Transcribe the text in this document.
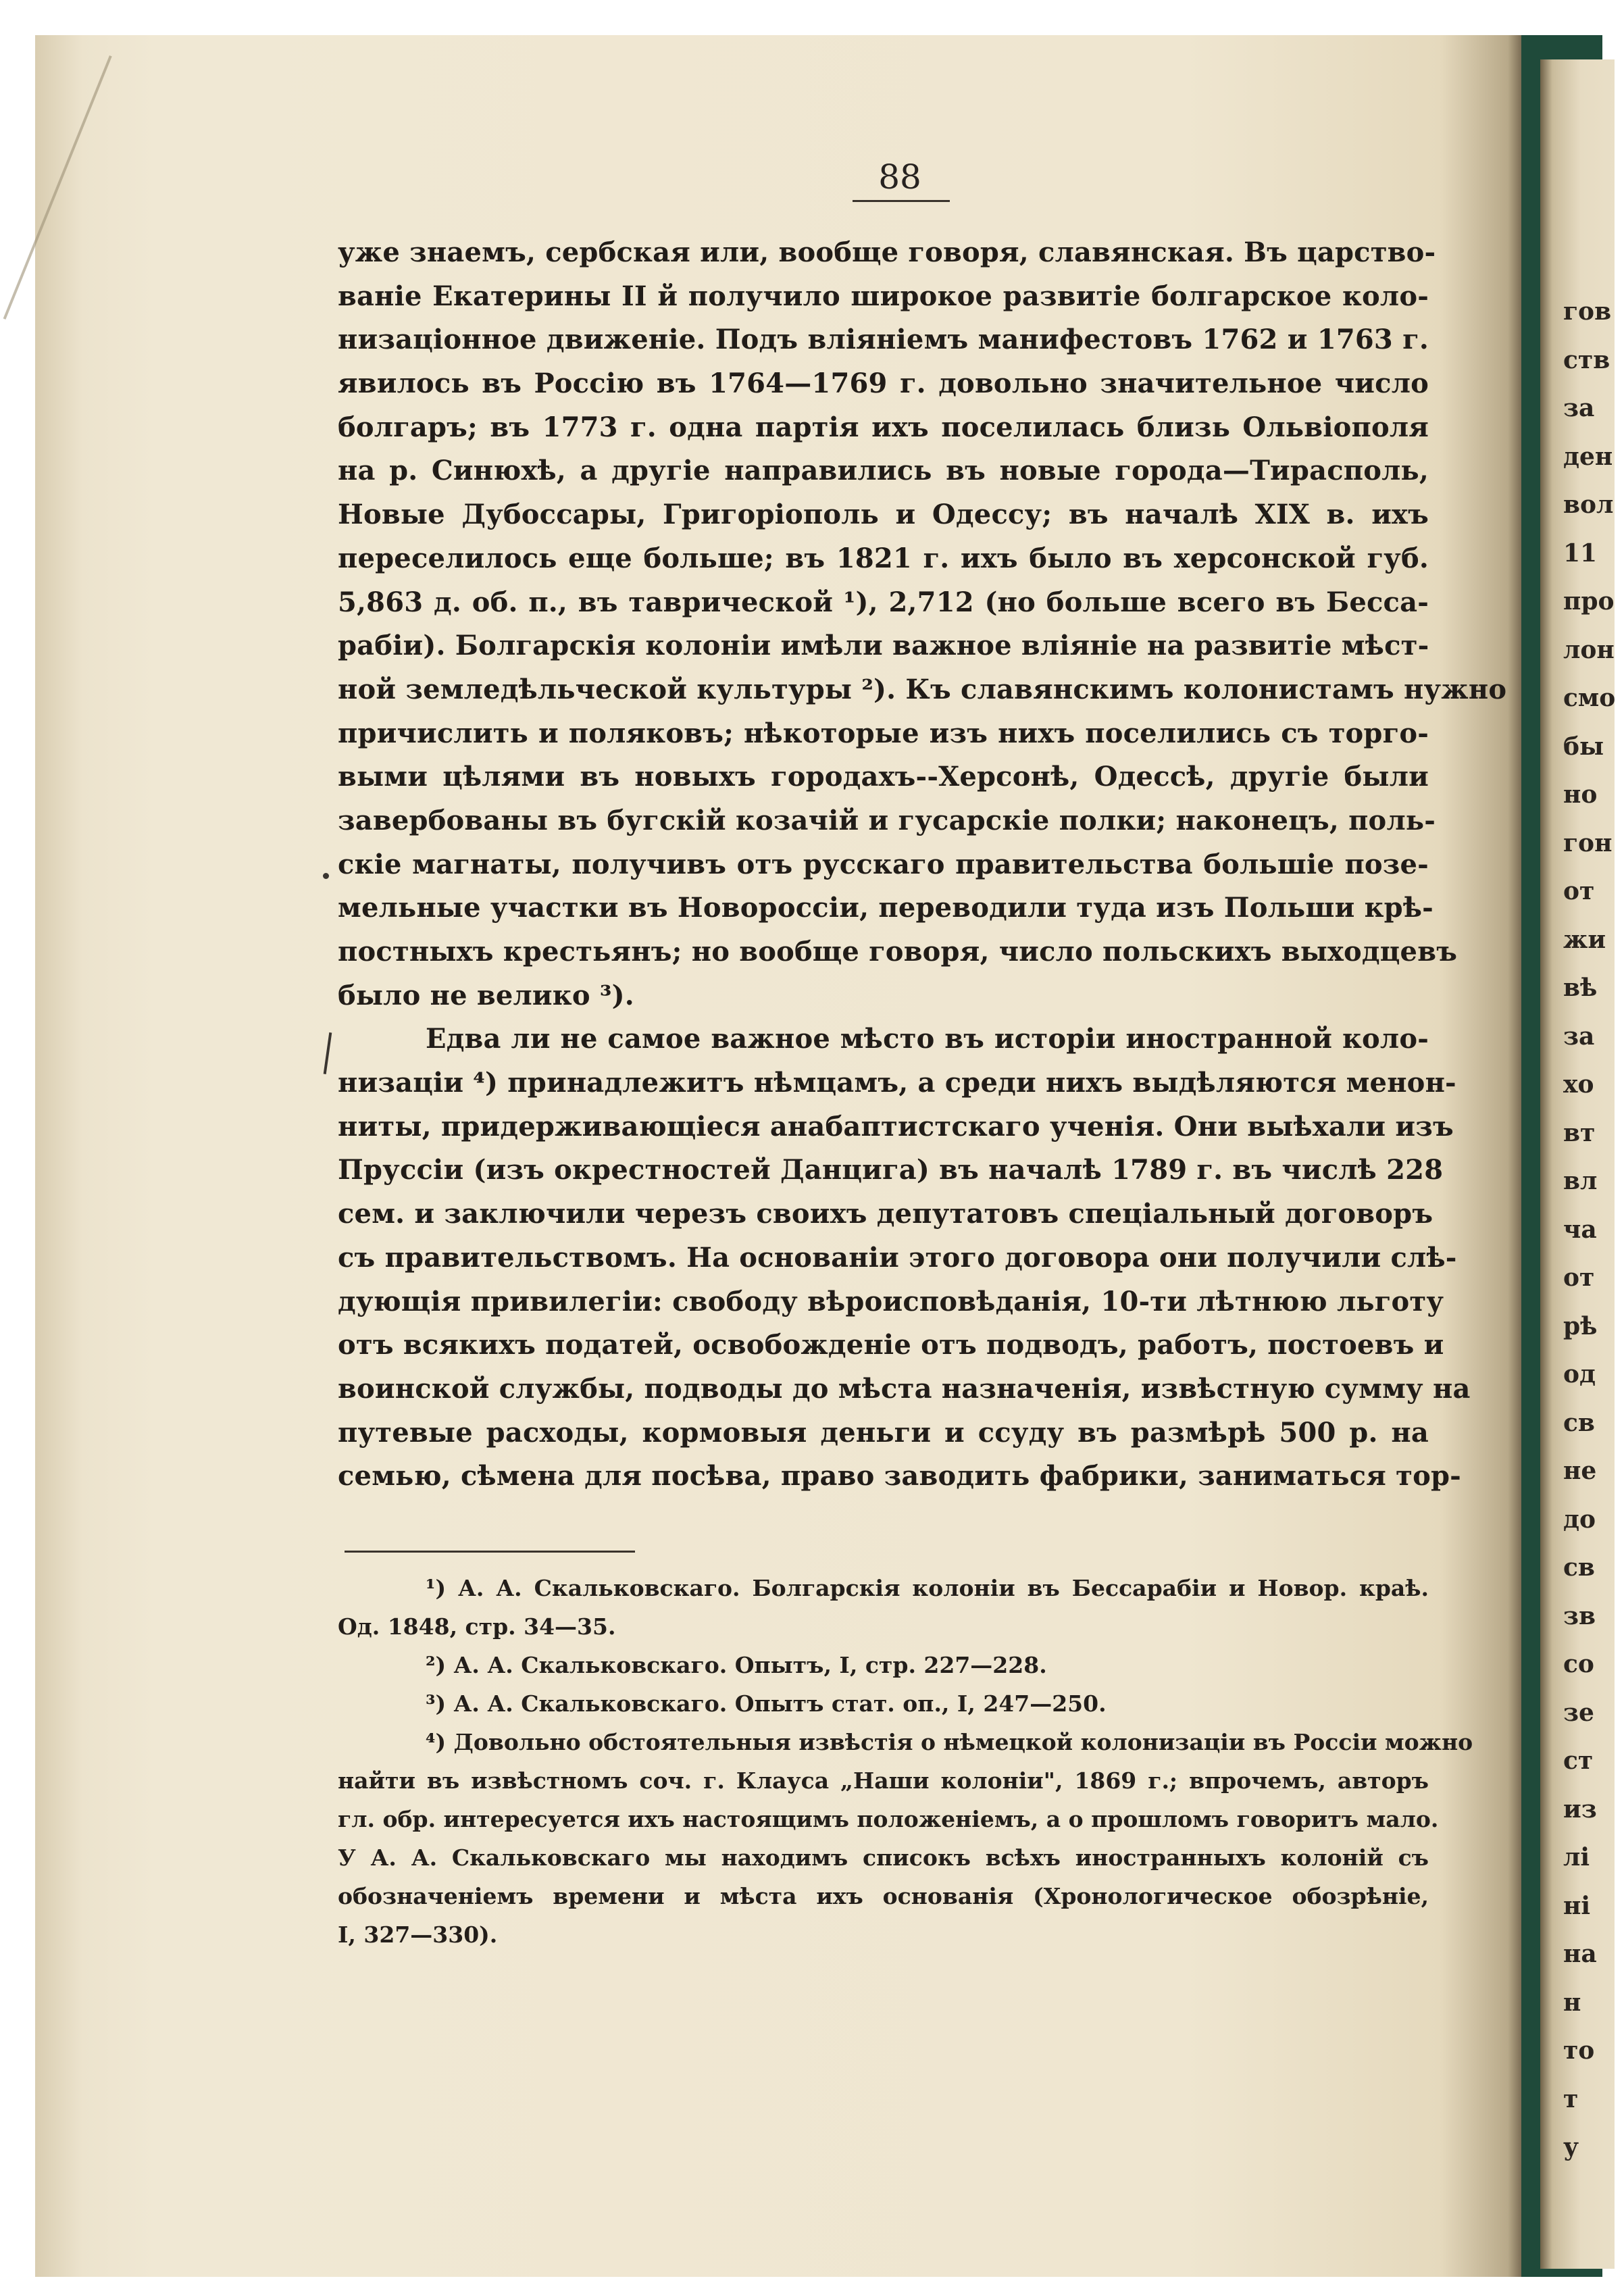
гов
ств
за
ден
вол
11
про
лон
смо
бы
но
гон
от
жи
вѣ
за
хо
вт
вл
ча
от
рѣ
од
св
не
до
св
зв
со
зе
ст
из
лі
ні
на
н
то
т
у
88
уже знаемъ, сербская или, вообще говоря, славянская. Въ царство-
ваніе Екатерины II й получило широкое развитіе болгарское коло-
низаціонное движеніе. Подъ вліяніемъ манифестовъ 1762 и 1763 г.
явилось въ Россію въ 1764—1769 г. довольно значительное число
болгаръ; въ 1773 г. одна партія ихъ поселилась близь Ольвіополя
на р. Синюхѣ, а другіе направились въ новые города—Тирасполь,
Новые Дубоссары, Григоріополь и Одессу; въ началѣ XIX в. ихъ
переселилось еще больше; въ 1821 г. ихъ было въ херсонской губ.
5,863 д. об. п., въ таврической ¹), 2,712 (но больше всего въ Бесса-
рабіи). Болгарскія колоніи имѣли важное вліяніе на развитіе мѣст-
ной земледѣльческой культуры ²). Къ славянскимъ колонистамъ нужно
причислить и поляковъ; нѣкоторые изъ нихъ поселились съ торго-
выми цѣлями въ новыхъ городахъ--Херсонѣ, Одессѣ, другіе были
завербованы въ бугскій козачій и гусарскіе полки; наконецъ, поль-
скіе магнаты, получивъ отъ русскаго правительства большіе позе-
мельные участки въ Новороссіи, переводили туда изъ Польши крѣ-
постныхъ крестьянъ; но вообще говоря, число польскихъ выходцевъ
было не велико ³).
Едва ли не самое важное мѣсто въ исторіи иностранной коло-
низаціи ⁴) принадлежитъ нѣмцамъ, а среди нихъ выдѣляются менон-
ниты, придерживающіеся анабаптистскаго ученія. Они выѣхали изъ
Пруссіи (изъ окрестностей Данцига) въ началѣ 1789 г. въ числѣ 228
сем. и заключили черезъ своихъ депутатовъ спеціальный договоръ
съ правительствомъ. На основаніи этого договора они получили слѣ-
дующія привилегіи: свободу вѣроисповѣданія, 10-ти лѣтнюю льготу
отъ всякихъ податей, освобожденіе отъ подводъ, работъ, постоевъ и
воинской службы, подводы до мѣста назначенія, извѣстную сумму на
путевые расходы, кормовыя деньги и ссуду въ размѣрѣ 500 р. на
семью, сѣмена для посѣва, право заводить фабрики, заниматься тор-
¹) А. А. Скальковскаго. Болгарскія колоніи въ Бессарабіи и Новор. краѣ.
Од. 1848, стр. 34—35.
²) А. А. Скальковскаго. Опытъ, I, стр. 227—228.
³) А. А. Скальковскаго. Опытъ стат. оп., I, 247—250.
⁴) Довольно обстоятельныя извѣстія о нѣмецкой колонизаціи въ Россіи можно
найти въ извѣстномъ соч. г. Клауса „Наши колоніи", 1869 г.; впрочемъ, авторъ
гл. обр. интересуется ихъ настоящимъ положеніемъ, а о прошломъ говоритъ мало.
У А. А. Скальковскаго мы находимъ списокъ всѣхъ иностранныхъ колоній съ
обозначеніемъ времени и мѣста ихъ основанія (Хронологическое обозрѣніе,
I, 327—330).
